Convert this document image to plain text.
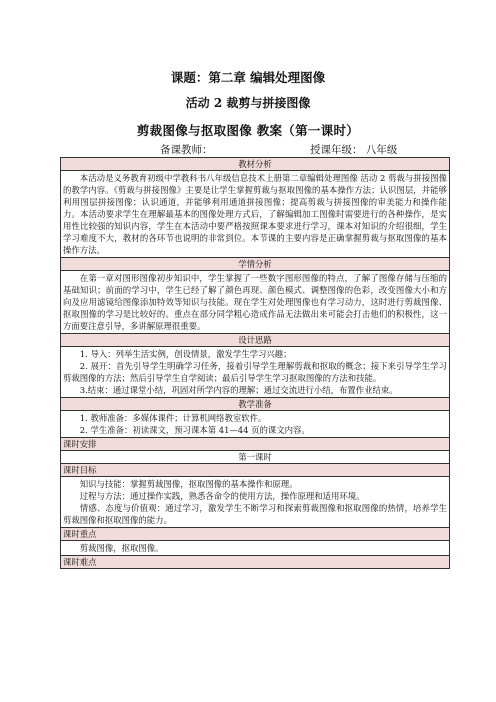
课题：第二章 编辑处理图像
活动 2 裁剪与拼接图像
剪裁图像与抠取图像 教案（第一课时）
备课教师：	授课年级： 八年级
教材分析

本活动是义务教育初级中学教科书八年级信息技术上册第二章编辑处理图像 活动 2 剪裁与拼接图像的教学内容。《剪裁与拼接图像》主要是让学生掌握剪裁与抠取图像的基本操作方法；认识图层，并能够利用图层拼接图像；认识通道，并能够利用通道拼接图像；提高剪裁与拼接图像的审美能力和操作能力。本活动要求学生在理解最基本的图像处理方式后，了解编辑加工图像时需要进行的各种操作，是实用性比较强的知识内容，学生在本活动中要严格按照课本要求进行学习，课本对知识的介绍很细，学生学习难度不大，教材的各环节也说明的非常到位。本节课的主要内容是正确掌握剪裁与抠取图像的基本操作方法。

学情分析

在第一章对图形图像初步知识中，学生掌握了一些数字图形图像的特点，了解了图像存储与压缩的基础知识；前面的学习中，学生已经了解了颜色再现、颜色模式、调整图像的色彩，改变图像大小和方向及应用滤镜给图像添加特效等知识与技能。现在学生对处理图像也有学习动力，这时进行剪裁图像、抠取图像的学习是比较好的。重点在部分同学粗心造成作品无法做出来可能会打击他们的积极性，这一方面要注意引导，多讲解原理很重要。

设计思路

1. 导入：列举生活实例，创设情景，激发学生学习兴趣；

2. 展开：首先引导学生明确学习任务，接着引导学生理解剪裁和抠取的概念；接下来引导学生学习剪裁图像的方法；然后引导学生自学阅读；最后引导学生学习抠取图像的方法和技能。

3.结束：通过课堂小结，巩固对所学内容的理解；通过交流进行小结，布置作业结束。

教学准备

1. 教师准备：多媒体课件；计算机网络教室软件。

2. 学生准备：初读课文，预习课本第 41—44 页的课文内容。

课时安排
第一课时
课时目标

知识与技能：掌握剪裁图像，抠取图像的基本操作和原理。

过程与方法：通过操作实践，熟悉各命令的使用方法，操作原理和适用环境。

情感、态度与价值观：通过学习，激发学生不断学习和探索剪裁图像和抠取图像的热情，培养学生剪裁图像和抠取图像的能力。

课时重点

剪裁图像，抠取图像。

课时难点
